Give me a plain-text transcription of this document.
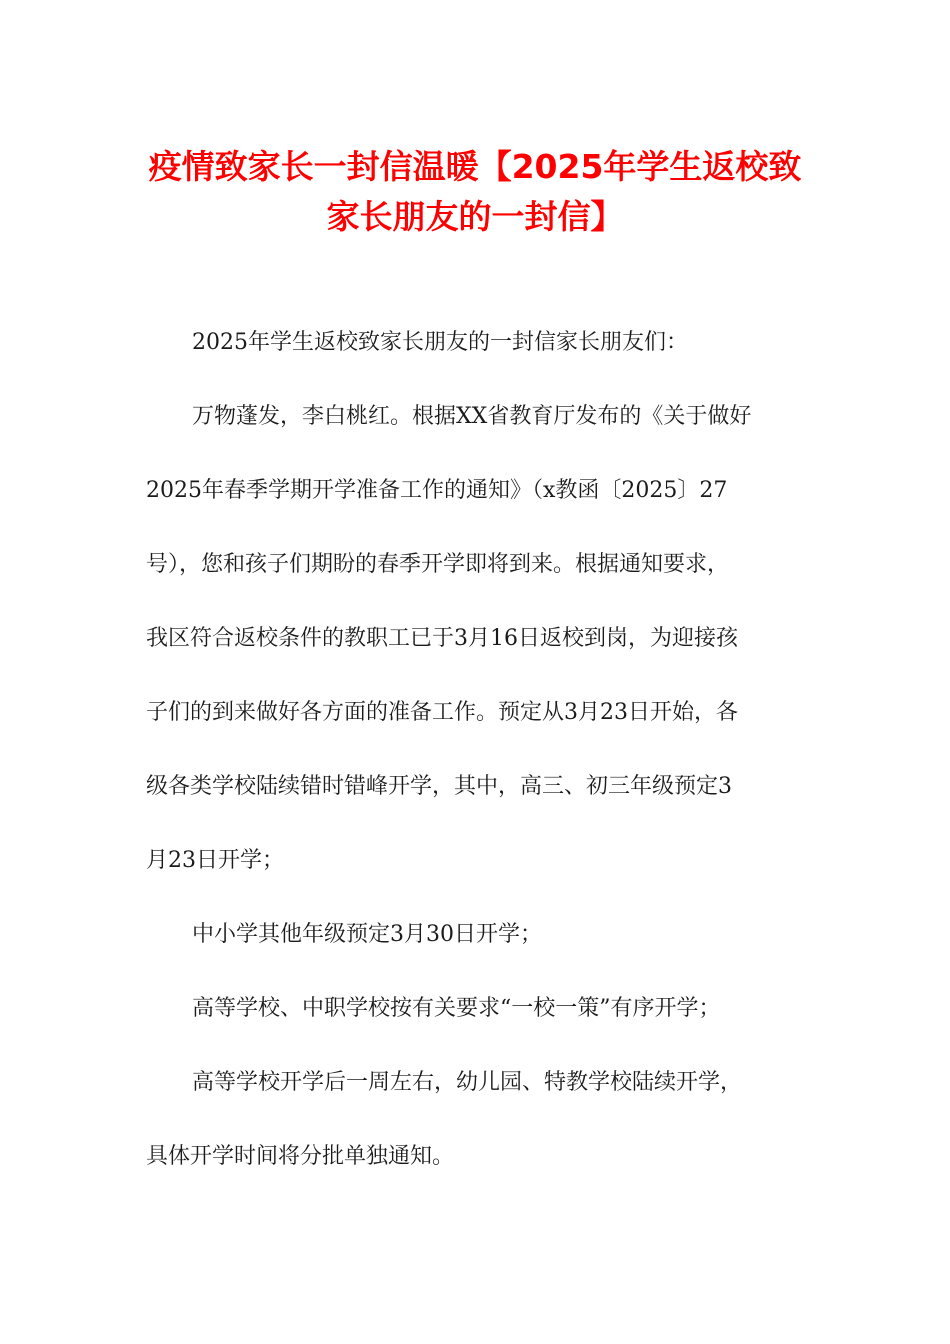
疫情致家长一封信温暖【2025年学生返校致
家长朋友的一封信】
2025年学生返校致家长朋友的一封信家长朋友们：
万物蓬发，李白桃红。根据XX省教育厅发布的《关于做好
2025年春季学期开学准备工作的通知》（x教函〔2025〕27
号），您和孩子们期盼的春季开学即将到来。根据通知要求，
我区符合返校条件的教职工已于3月16日返校到岗，为迎接孩
子们的到来做好各方面的准备工作。预定从3月23日开始，各
级各类学校陆续错时错峰开学，其中，高三、初三年级预定3
月23日开学；
中小学其他年级预定3月30日开学；
高等学校、中职学校按有关要求“一校一策”有序开学；
高等学校开学后一周左右，幼儿园、特教学校陆续开学，
具体开学时间将分批单独通知。
